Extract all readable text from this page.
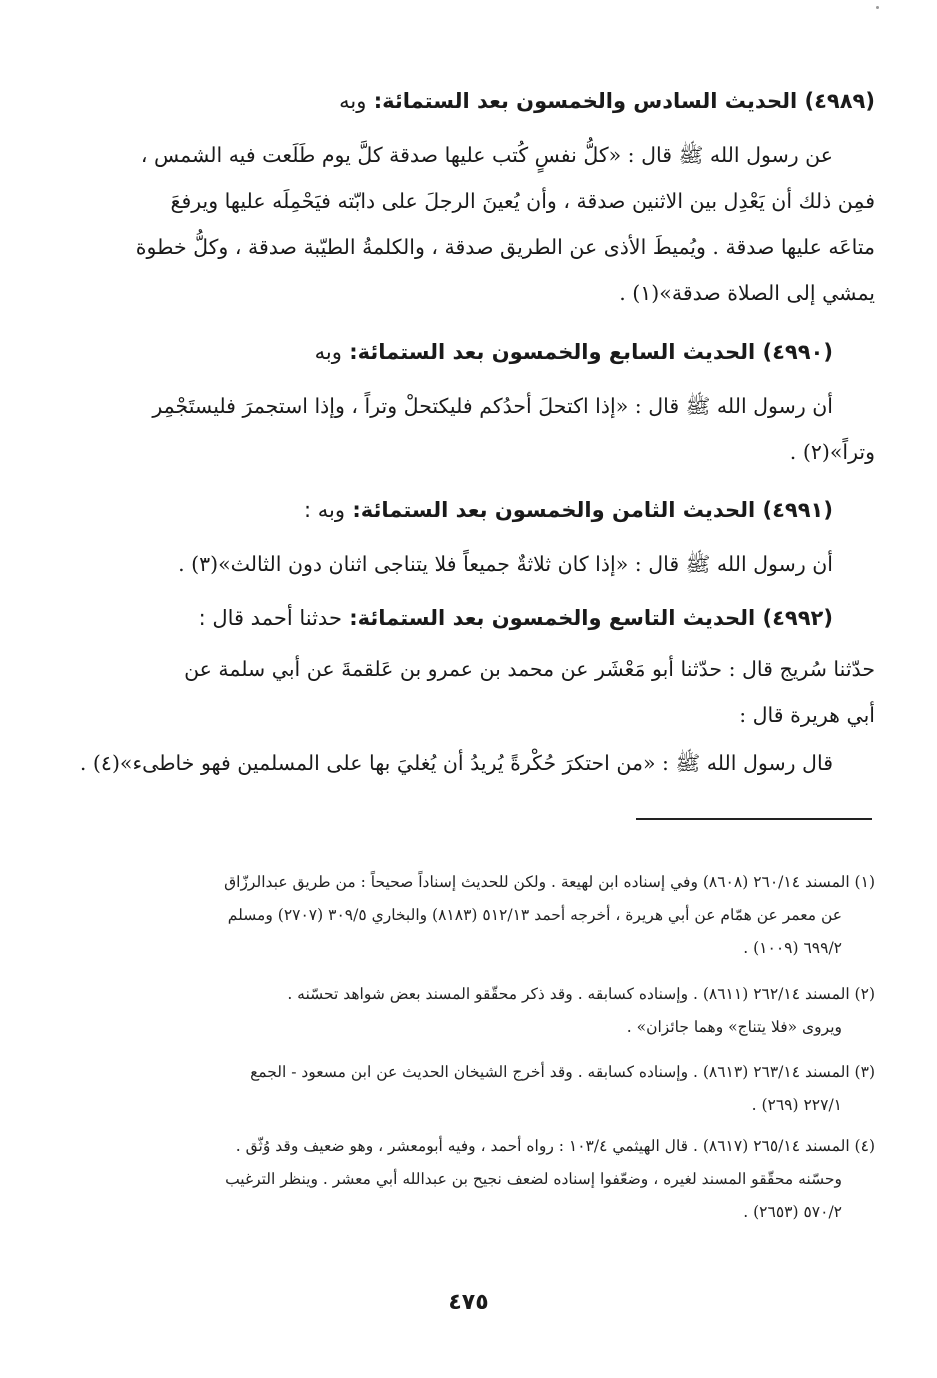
(٤٩٨٩) الحديث السادس والخمسون بعد الستمائة: وبه
عن رسول الله ﷺ قال : «كلُّ نفسٍ كُتب عليها صدقة كلَّ يوم طَلَعت فيه الشمس ،
فمِن ذلك أن يَعْدِل بين الاثنين صدقة ، وأن يُعينَ الرجلَ على دابّته فيَحْمِلَه عليها ويرفعَ
متاعَه عليها صدقة . ويُميطَ الأذى عن الطريق صدقة ، والكلمةُ الطيّبة صدقة ، وكلُّ خطوة
يمشي إلى الصلاة صدقة»(١) .
(٤٩٩٠) الحديث السابع والخمسون بعد الستمائة: وبه
أن رسول الله ﷺ قال : «إذا اكتحلَ أحدُكم فليكتحلْ وتراً ، وإذا استجمرَ فليستَجْمِر
وتراً»(٢) .
(٤٩٩١) الحديث الثامن والخمسون بعد الستمائة: وبه :
أن رسول الله ﷺ قال : «إذا كان ثلاثةٌ جميعاً فلا يتناجى اثنان دون الثالث»(٣) .
(٤٩٩٢) الحديث التاسع والخمسون بعد الستمائة: حدثنا أحمد قال :
حدّثنا سُريج قال : حدّثنا أبو مَعْشَر عن محمد بن عمرو بن عَلقمةَ عن أبي سلمة عن
أبي هريرة قال :
قال رسول الله ﷺ : «من احتكرَ حُكْرةً يُريدُ أن يُغليَ بها على المسلمين فهو خاطىء»(٤) .
(١) المسند ٢٦٠/١٤ (٨٦٠٨) وفي إسناده ابن لهيعة . ولكن للحديث إسناداً صحيحاً : من طريق عبدالرزّاق
عن معمر عن همّام عن أبي هريرة ، أخرجه أحمد ٥١٢/١٣ (٨١٨٣) والبخاري ٣٠٩/٥ (٢٧٠٧) ومسلم
٦٩٩/٢ (١٠٠٩) .
(٢) المسند ٢٦٢/١٤ (٨٦١١) . وإسناده كسابقه . وقد ذكر محقّقو المسند بعض شواهد تحسّنه .
ويروى «فلا يتناج» وهما جائزان» .
(٣) المسند ٢٦٣/١٤ (٨٦١٣) . وإسناده كسابقه . وقد أخرج الشيخان الحديث عن ابن مسعود - الجمع
٢٢٧/١ (٢٦٩) .
(٤) المسند ٢٦٥/١٤ (٨٦١٧) . قال الهيثمي ١٠٣/٤ : رواه أحمد ، وفيه أبومعشر ، وهو ضعيف وقد وُثّق .
وحسّنه محقّقو المسند لغيره ، وضعّفوا إسناده لضعف نجيح بن عبدالله أبي معشر . وينظر الترغيب
٥٧٠/٢ (٢٦٥٣) .
٤٧٥
